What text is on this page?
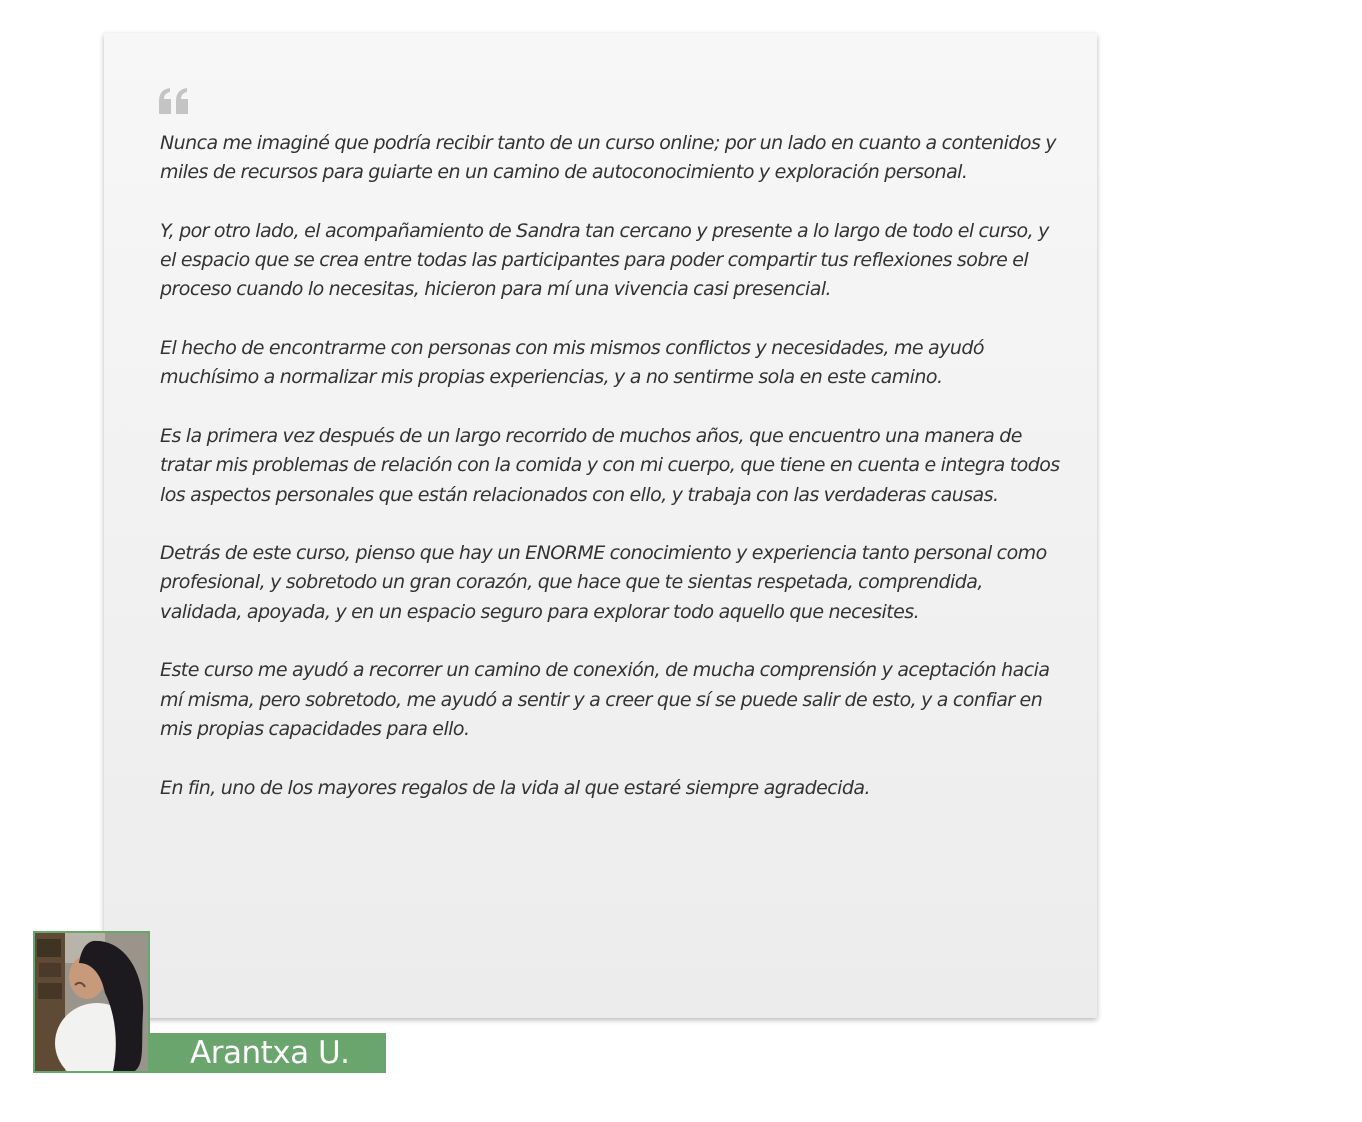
Nunca me imaginé que podría recibir tanto de un curso online; por un lado en cuanto a contenidos y miles de recursos para guiarte en un camino de autoconocimiento y exploración personal.

Y, por otro lado, el acompañamiento de Sandra tan cercano y presente a lo largo de todo el curso, y el espacio que se crea entre todas las participantes para poder compartir tus reflexiones sobre el proceso cuando lo necesitas, hicieron para mí una vivencia casi presencial.

El hecho de encontrarme con personas con mis mismos conflictos y necesidades, me ayudó muchísimo a normalizar mis propias experiencias, y a no sentirme sola en este camino.

Es la primera vez después de un largo recorrido de muchos años, que encuentro una manera de tratar mis problemas de relación con la comida y con mi cuerpo, que tiene en cuenta e integra todos los aspectos personales que están relacionados con ello, y trabaja con las verdaderas causas.

Detrás de este curso, pienso que hay un ENORME conocimiento y experiencia tanto personal como profesional, y sobretodo un gran corazón, que hace que te sientas respetada, comprendida, validada, apoyada, y en un espacio seguro para explorar todo aquello que necesites.

Este curso me ayudó a recorrer un camino de conexión, de mucha comprensión y aceptación hacia mí misma, pero sobretodo, me ayudó a sentir y a creer que sí se puede salir de esto, y a confiar en mis propias capacidades para ello.

En fin, uno de los mayores regalos de la vida al que estaré siempre agradecida.

Arantxa U.
